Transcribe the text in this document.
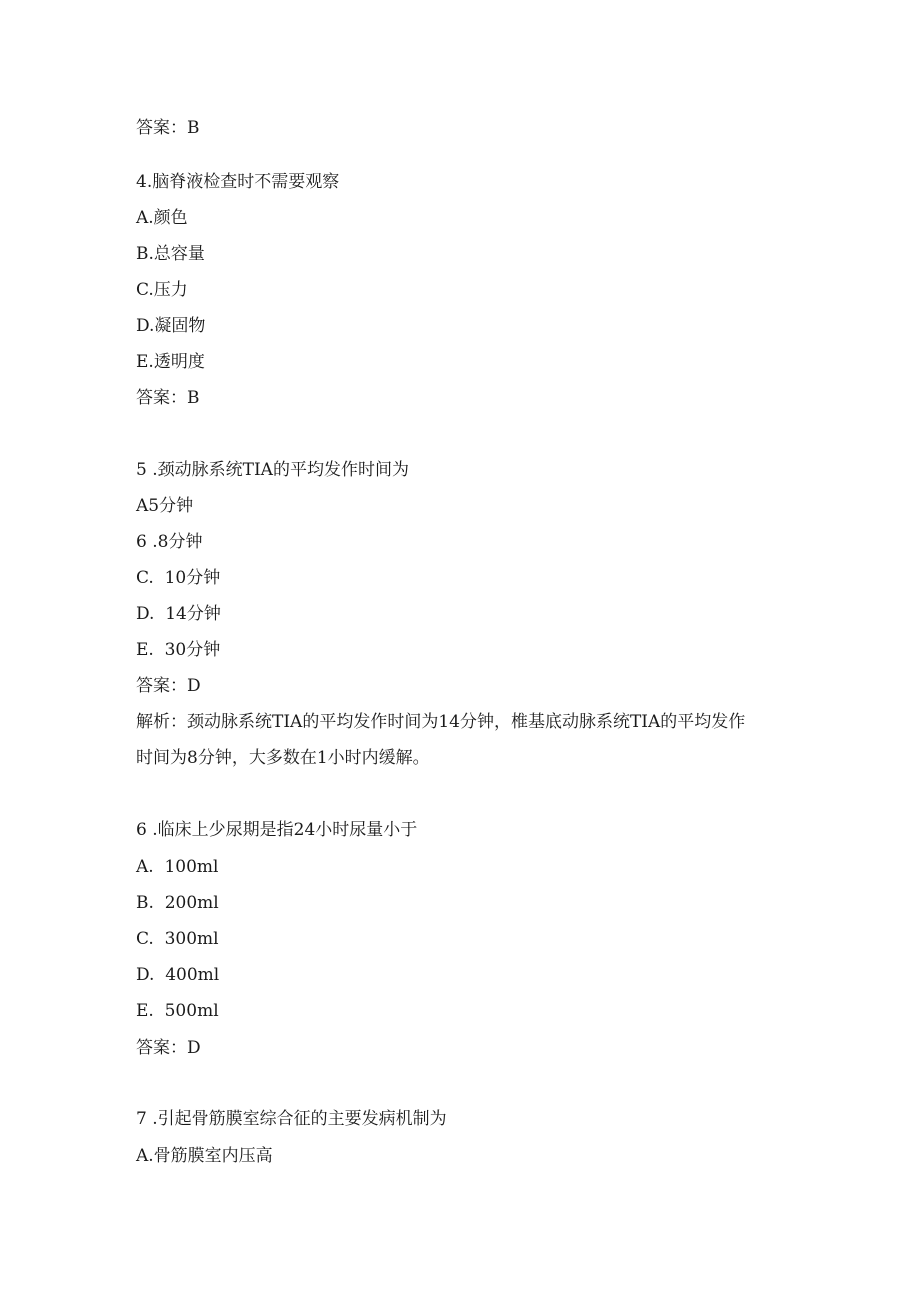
答案：B
4.脑脊液检查时不需要观察
A.颜色
B.总容量
C.压力
D.凝固物
E.透明度
答案：B
5 .颈动脉系统TIA的平均发作时间为
A5分钟
6 .8分钟
C.  10分钟
D.  14分钟
E.  30分钟
答案：D
解析：颈动脉系统TIA的平均发作时间为14分钟，椎基底动脉系统TIA的平均发作
时间为8分钟，大多数在1小时内缓解。
6 .临床上少尿期是指24小时尿量小于
A.  100ml
B.  200ml
C.  300ml
D.  400ml
E.  500ml
答案：D
7 .引起骨筋膜室综合征的主要发病机制为
A.骨筋膜室内压高
